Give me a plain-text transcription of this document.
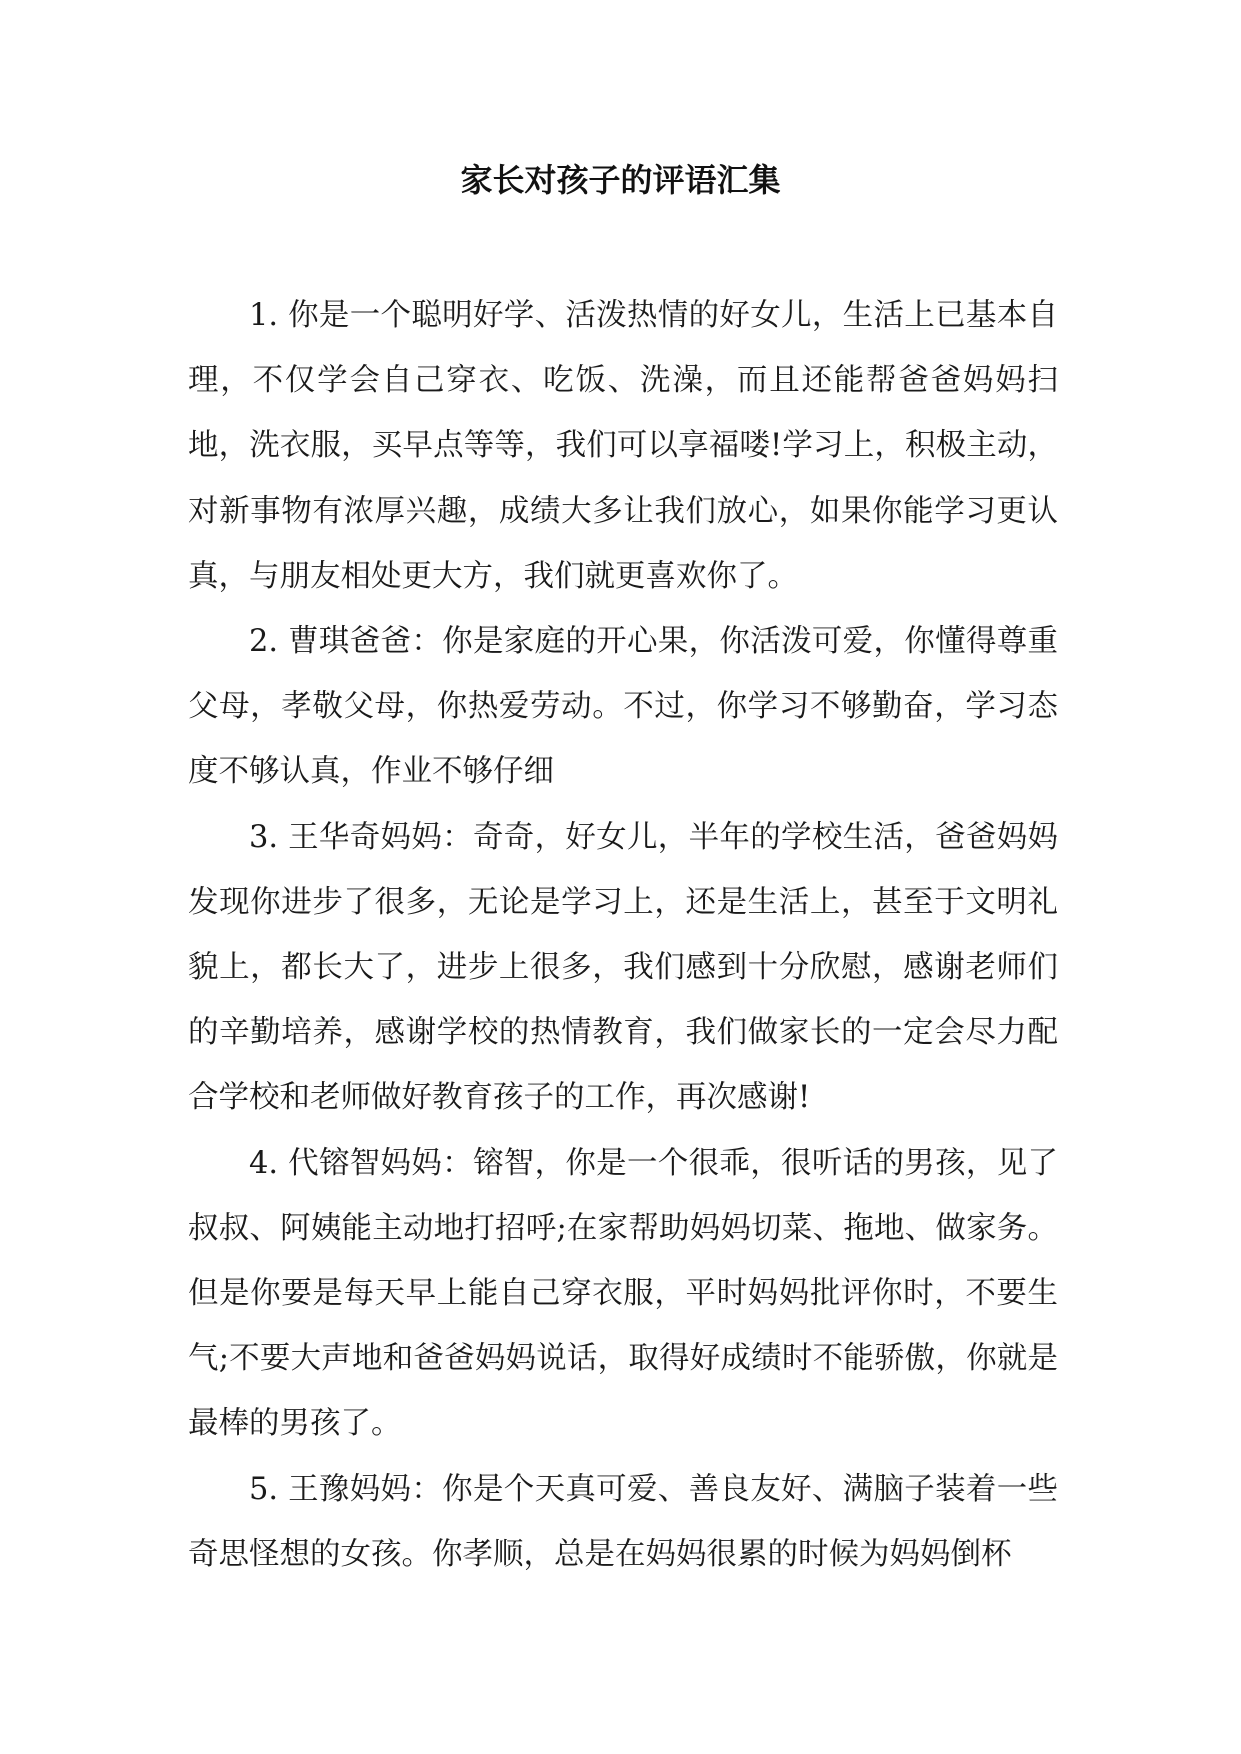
家长对孩子的评语汇集

1. 你是一个聪明好学、活泼热情的好女儿，生活上已基本自理，不仅学会自己穿衣、吃饭、洗澡，而且还能帮爸爸妈妈扫地，洗衣服，买早点等等，我们可以享福喽!学习上，积极主动，对新事物有浓厚兴趣，成绩大多让我们放心，如果你能学习更认真，与朋友相处更大方，我们就更喜欢你了。

2. 曹琪爸爸：你是家庭的开心果，你活泼可爱，你懂得尊重父母，孝敬父母，你热爱劳动。不过，你学习不够勤奋，学习态度不够认真，作业不够仔细

3. 王华奇妈妈：奇奇，好女儿，半年的学校生活，爸爸妈妈发现你进步了很多，无论是学习上，还是生活上，甚至于文明礼貌上，都长大了，进步上很多，我们感到十分欣慰，感谢老师们的辛勤培养，感谢学校的热情教育，我们做家长的一定会尽力配合学校和老师做好教育孩子的工作，再次感谢!

4. 代镕智妈妈：镕智，你是一个很乖，很听话的男孩，见了叔叔、阿姨能主动地打招呼;在家帮助妈妈切菜、拖地、做家务。但是你要是每天早上能自己穿衣服，平时妈妈批评你时，不要生气;不要大声地和爸爸妈妈说话，取得好成绩时不能骄傲，你就是最棒的男孩了。

5. 王豫妈妈：你是个天真可爱、善良友好、满脑子装着一些奇思怪想的女孩。你孝顺，总是在妈妈很累的时候为妈妈倒杯
